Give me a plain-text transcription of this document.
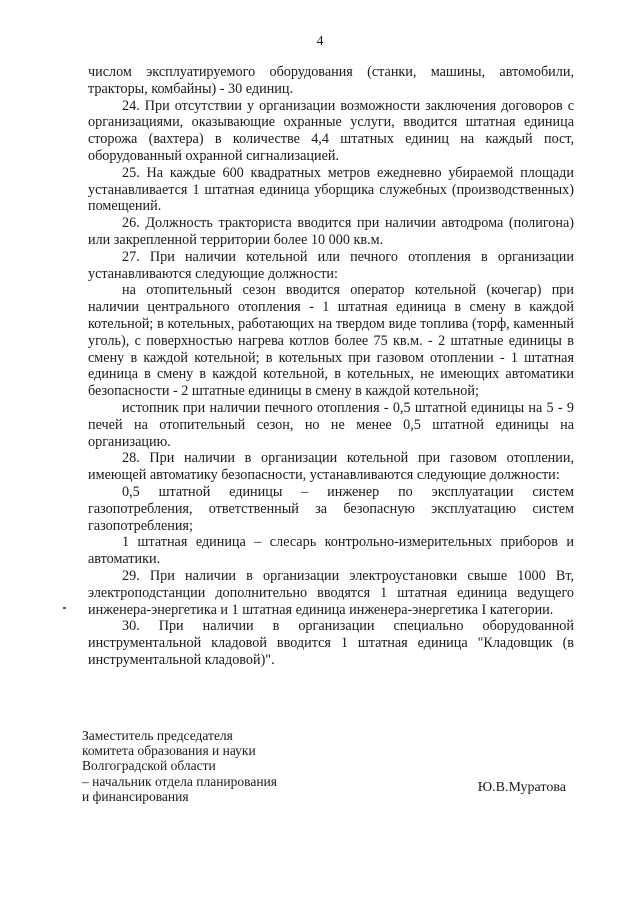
4

числом эксплуатируемого оборудования (станки, машины, автомобили, тракторы, комбайны) - 30 единиц.

24. При отсутствии у организации возможности заключения договоров с организациями, оказывающие охранные услуги, вводится штатная единица сторожа (вахтера) в количестве 4,4 штатных единиц на каждый пост, оборудованный охранной сигнализацией.

25. На каждые 600 квадратных метров ежедневно убираемой площади устанавливается 1 штатная единица уборщика служебных (производственных) помещений.

26. Должность тракториста вводится при наличии автодрома (полигона) или закрепленной территории более 10 000 кв.м.

27. При наличии котельной или печного отопления в организации устанавливаются следующие должности:

на отопительный сезон вводится оператор котельной (кочегар) при наличии центрального отопления - 1 штатная единица в смену в каждой котельной; в котельных, работающих на твердом виде топлива (торф, каменный уголь), с поверхностью нагрева котлов более 75 кв.м. - 2 штатные единицы в смену в каждой котельной; в котельных при газовом отоплении - 1 штатная единица в смену в каждой котельной, в котельных, не имеющих автоматики безопасности - 2 штатные единицы в смену в каждой котельной;

истопник при наличии печного отопления - 0,5 штатной единицы на 5 - 9 печей на отопительный сезон, но не менее 0,5 штатной единицы на организацию.

28. При наличии в организации котельной при газовом отоплении, имеющей автоматику безопасности, устанавливаются следующие должности:

0,5 штатной единицы – инженер по эксплуатации систем газопотребления, ответственный за безопасную эксплуатацию систем газопотребления;

1 штатная единица – слесарь контрольно-измерительных приборов и автоматики.

29. При наличии в организации электроустановки свыше 1000 Вт, электроподстанции дополнительно вводятся 1 штатная единица ведущего инженера-энергетика и 1 штатная единица инженера-энергетика I категории.

30. При наличии в организации специально оборудованной инструментальной кладовой вводится 1 штатная единица "Кладовщик (в инструментальной кладовой)".

Заместитель председателя
комитета образования и науки
Волгоградской области
– начальник отдела планирования
и финансирования
Ю.В.Муратова
